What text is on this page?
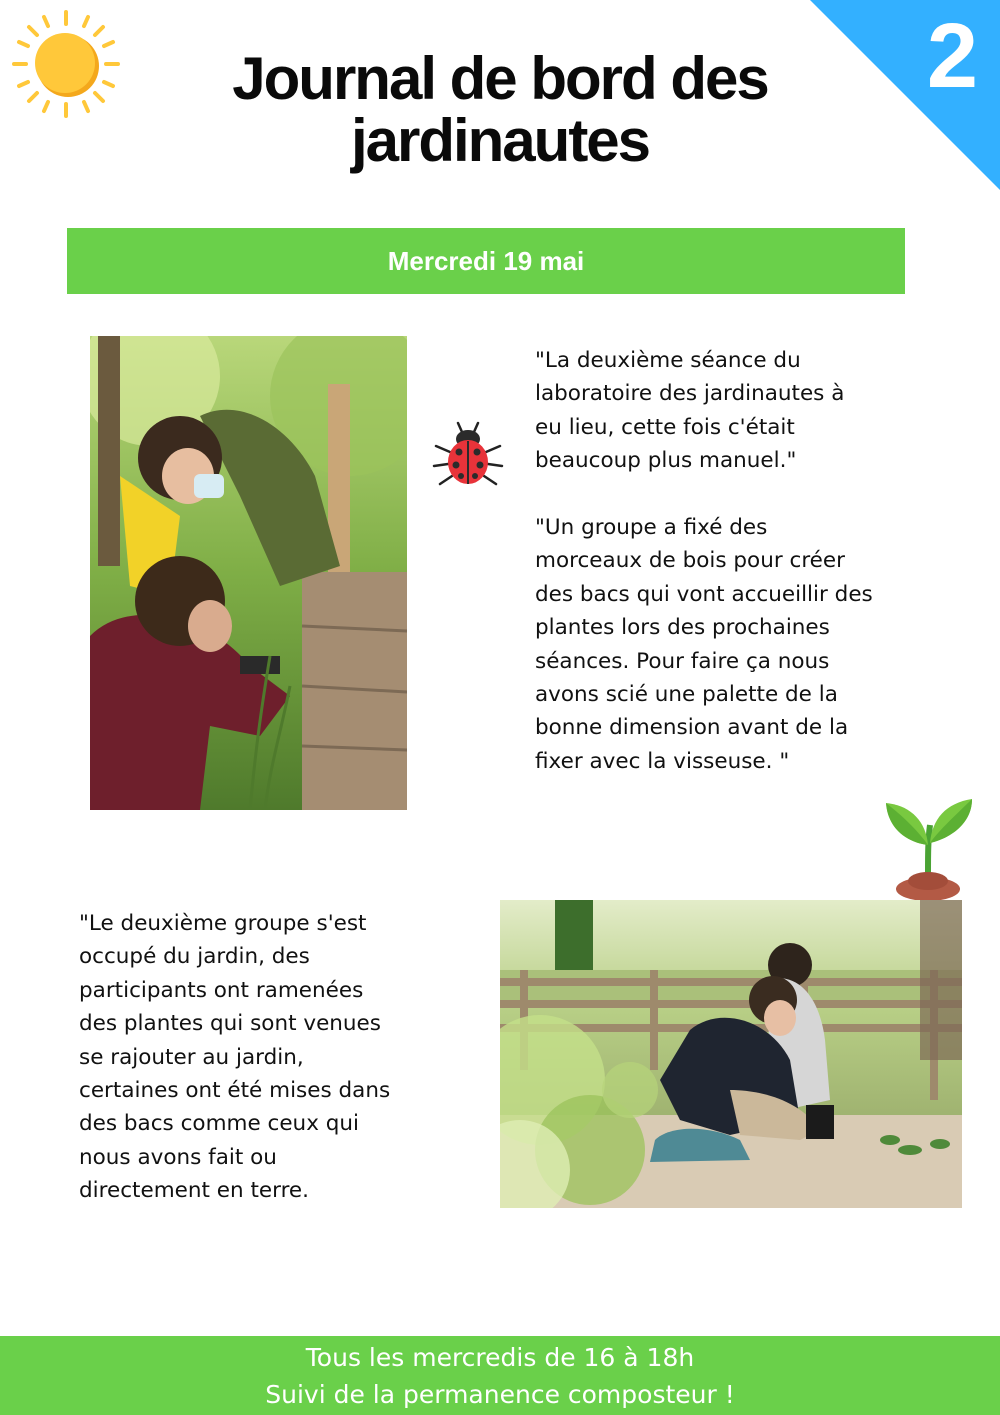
2
Journal de bord des
jardinautes
Mercredi 19 mai

"La deuxième séance du
laboratoire des jardinautes à
eu lieu, cette fois c'était
beaucoup plus manuel."

"Un groupe a fixé des
morceaux de bois pour créer
des bacs qui vont accueillir des
plantes lors des prochaines
séances. Pour faire ça nous
avons scié une palette de la
bonne dimension avant de la
fixer avec la visseuse. "

"Le deuxième groupe s'est
occupé du jardin, des
participants ont ramenées
des plantes qui sont venues
se rajouter au jardin,
certaines ont été mises dans
des bacs comme ceux qui
nous avons fait ou
directement en terre.

Tous les mercredis de 16 à 18h
Suivi de la permanence composteur !
